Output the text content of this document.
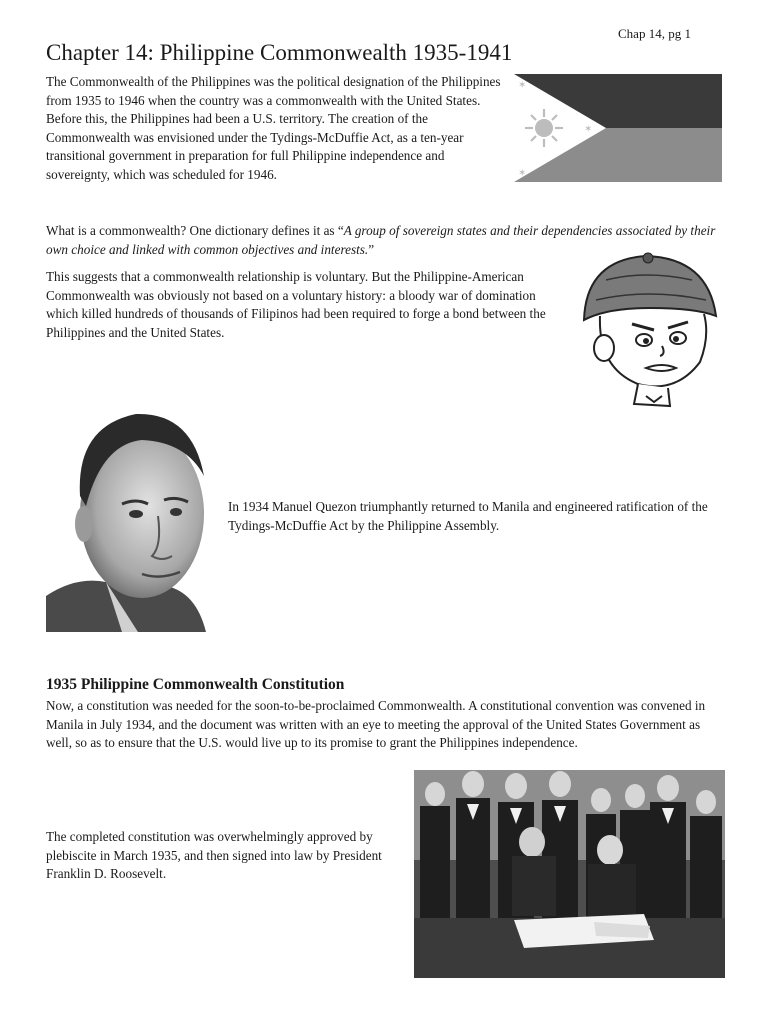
Chap 14, pg 1
Chapter 14: Philippine Commonwealth 1935-1941

The Commonwealth of the Philippines was the political designation of the Philippines from 1935 to 1946 when the country was a commonwealth with the United States. Before this, the Philippines had been a U.S. territory. The creation of the Commonwealth was envisioned under the Tydings-McDuffie Act, as a ten-year transitional government in preparation for full Philippine independence and sovereignty, which was scheduled for 1946.

✶
✶
✶

What is a commonwealth? One dictionary defines it as “A group of sovereign states and their dependencies associated by their own choice and linked with common objectives and interests.”

This suggests that a commonwealth relationship is voluntary. But the Philippine-American Commonwealth was obviously not based on a voluntary history: a bloody war of domination which killed hundreds of thousands of Filipinos had been required to forge a bond between the Philippines and the United States.

In 1934 Manuel Quezon triumphantly returned to Manila and engineered ratification of the Tydings-McDuffie Act by the Philippine Assembly.

1935 Philippine Commonwealth Constitution

Now, a constitution was needed for the soon-to-be-proclaimed Commonwealth. A constitutional convention was convened in Manila in July 1934, and the document was written with an eye to meeting the approval of the United States Government as well, so as to ensure that the U.S. would live up to its promise to grant the Philippines independence.

The completed constitution was overwhelmingly approved by plebiscite in March 1935, and then signed into law by President Franklin D. Roosevelt.
